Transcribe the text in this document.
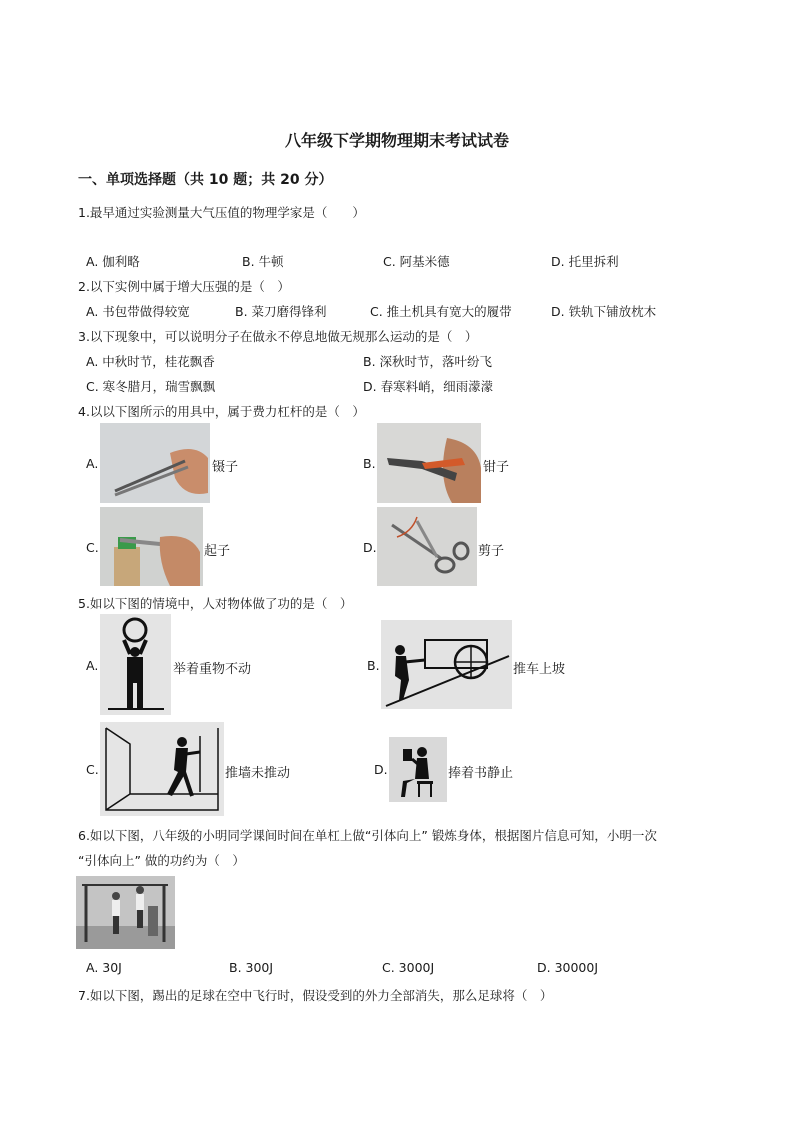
八年级下学期物理期末考试试卷
一、单项选择题（共 10 题；共 20 分）
1.最早通过实验测量大气压值的物理学家是（　　）
A. 伽利略	B. 牛顿	C. 阿基米德	D. 托里拆利
2.以下实例中属于增大压强的是（　）
A. 书包带做得较宽	B. 菜刀磨得锋利	C. 推土机具有宽大的履带	D. 铁轨下铺放枕木
3.以下现象中，可以说明分子在做永不停息地做无规那么运动的是（　）
A. 中秋时节，桂花飘香	B. 深秋时节，落叶纷飞
C. 寒冬腊月，瑞雪飘飘	D. 春寒料峭，细雨濛濛
4.以以下图所示的用具中，属于费力杠杆的是（　）
A.	镊子	B.	钳子
C.	起子	D.	剪子
5.如以下图的情境中，人对物体做了功的是（　）
A.	举着重物不动	B.	推车上坡
C.	推墙未推动	D.	捧着书静止
6.如以下图，八年级的小明同学课间时间在单杠上做“引体向上” 锻炼身体，根据图片信息可知，小明一次
“引体向上” 做的功约为（　）
A. 30J	B. 300J	C. 3000J	D. 30000J
7.如以下图，踢出的足球在空中飞行时，假设受到的外力全部消失，那么足球将（　）
